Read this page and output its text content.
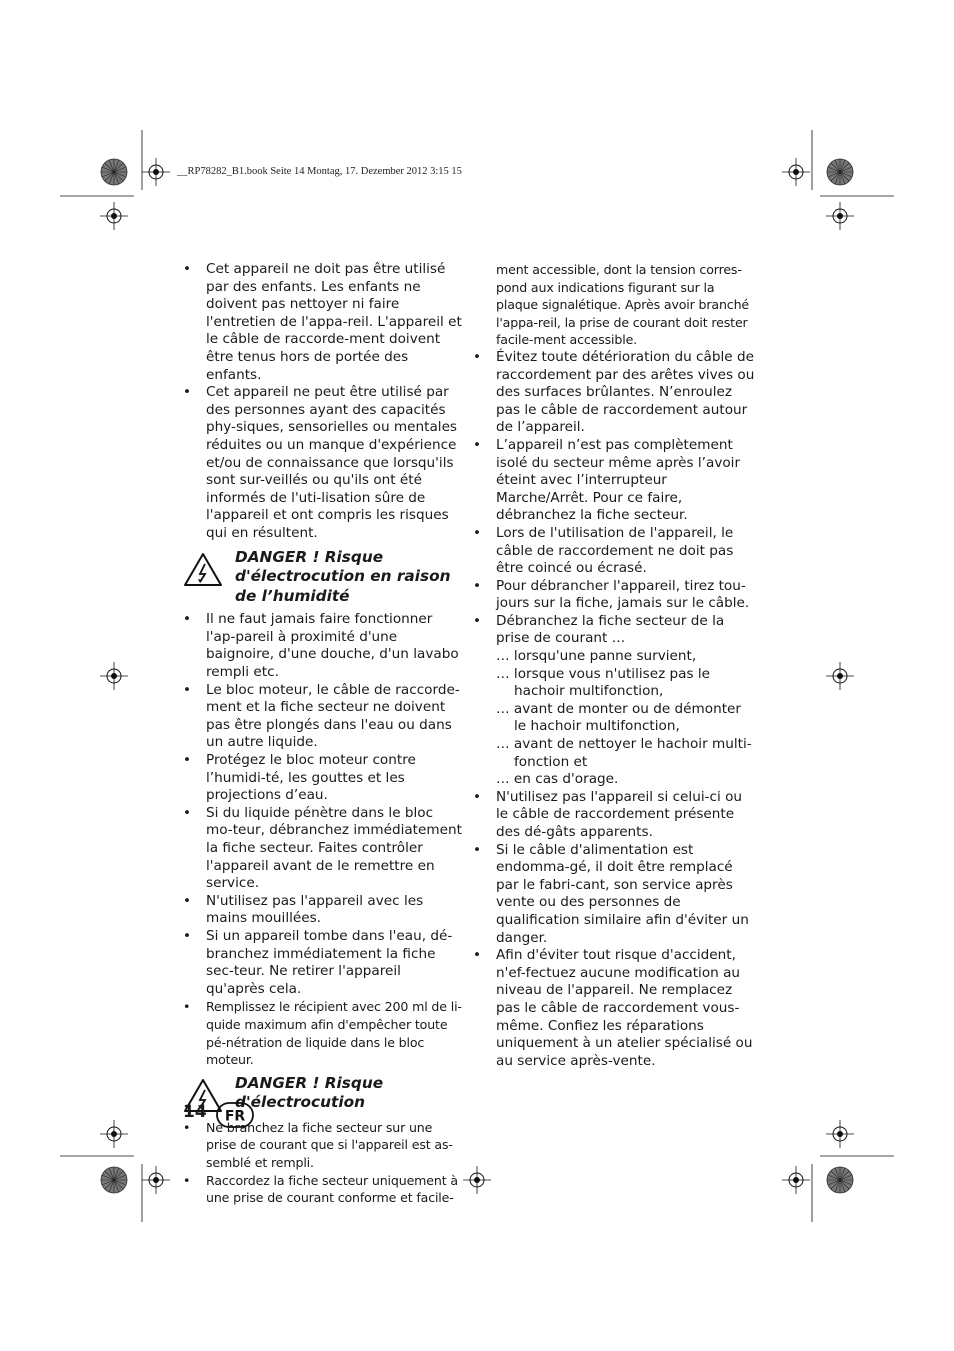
__RP78282_B1.book Seite 14 Montag, 17. Dezember 2012 3:15 15
• Cet appareil ne doit pas être utilisé par des enfants. Les enfants ne doivent pas nettoyer ni faire l'entretien de l'appa-reil. L'appareil et le câble de raccorde-ment doivent être tenus hors de portée des enfants.
• Cet appareil ne peut être utilisé par des personnes ayant des capacités phy-siques, sensorielles ou mentales réduites ou un manque d'expérience et/ou de connaissance que lorsqu'ils sont sur-veillés ou qu'ils ont été informés de l'uti-lisation sûre de l'appareil et ont compris les risques qui en résultent.
DANGER ! Risque
d'électrocution en raison
de l’humidité
• Il ne faut jamais faire fonctionner l'ap-pareil à proximité d'une baignoire, d'une douche, d'un lavabo rempli etc.
• Le bloc moteur, le câble de raccorde-ment et la fiche secteur ne doivent pas être plongés dans l'eau ou dans un autre liquide.
• Protégez le bloc moteur contre l’humidi-té, les gouttes et les projections d’eau.
• Si du liquide pénètre dans le bloc mo-teur, débranchez immédiatement la fiche secteur. Faites contrôler l'appareil avant de le remettre en service.
• N'utilisez pas l'appareil avec les mains mouillées.
• Si un appareil tombe dans l'eau, dé-branchez immédiatement la fiche sec-teur. Ne retirer l'appareil qu'après cela.
• Remplissez le récipient avec 200 ml de li-quide maximum afin d'empêcher toute pé-nétration de liquide dans le bloc moteur.
DANGER ! Risque
d'électrocution
• Ne branchez la fiche secteur sur une prise de courant que si l'appareil est as-semblé et rempli.
• Raccordez la fiche secteur uniquement à une prise de courant conforme et facile-

ment accessible, dont la tension corres-pond aux indications figurant sur la plaque signalétique. Après avoir branché l'appa-reil, la prise de courant doit rester facile-ment accessible.

• Évitez toute détérioration du câble de raccordement par des arêtes vives ou des surfaces brûlantes. N’enroulez pas le câble de raccordement autour de l’appareil.
• L’appareil n’est pas complètement isolé du secteur même après l’avoir éteint avec l’interrupteur Marche/Arrêt. Pour ce faire, débranchez la fiche secteur.
• Lors de l'utilisation de l'appareil, le câble de raccordement ne doit pas être coincé ou écrasé.
• Pour débrancher l'appareil, tirez tou-jours sur la fiche, jamais sur le câble.
• Débranchez la fiche secteur de la prise de courant …

… lorsqu'une panne survient,

… lorsque vous n'utilisez pas le hachoir multifonction,

… avant de monter ou de démonter le hachoir multifonction,

… avant de nettoyer le hachoir multi-fonction et

… en cas d'orage.

• N'utilisez pas l'appareil si celui-ci ou le câble de raccordement présente des dé-gâts apparents.
• Si le câble d'alimentation est endomma-gé, il doit être remplacé par le fabri-cant, son service après vente ou des personnes de qualification similaire afin d'éviter un danger.
• Afin d'éviter tout risque d'accident, n'ef-fectuez aucune modification au niveau de l'appareil. Ne remplacez pas le câble de raccordement vous-même. Confiez les réparations uniquement à un atelier spécialisé ou au service après-vente.
14 FR
